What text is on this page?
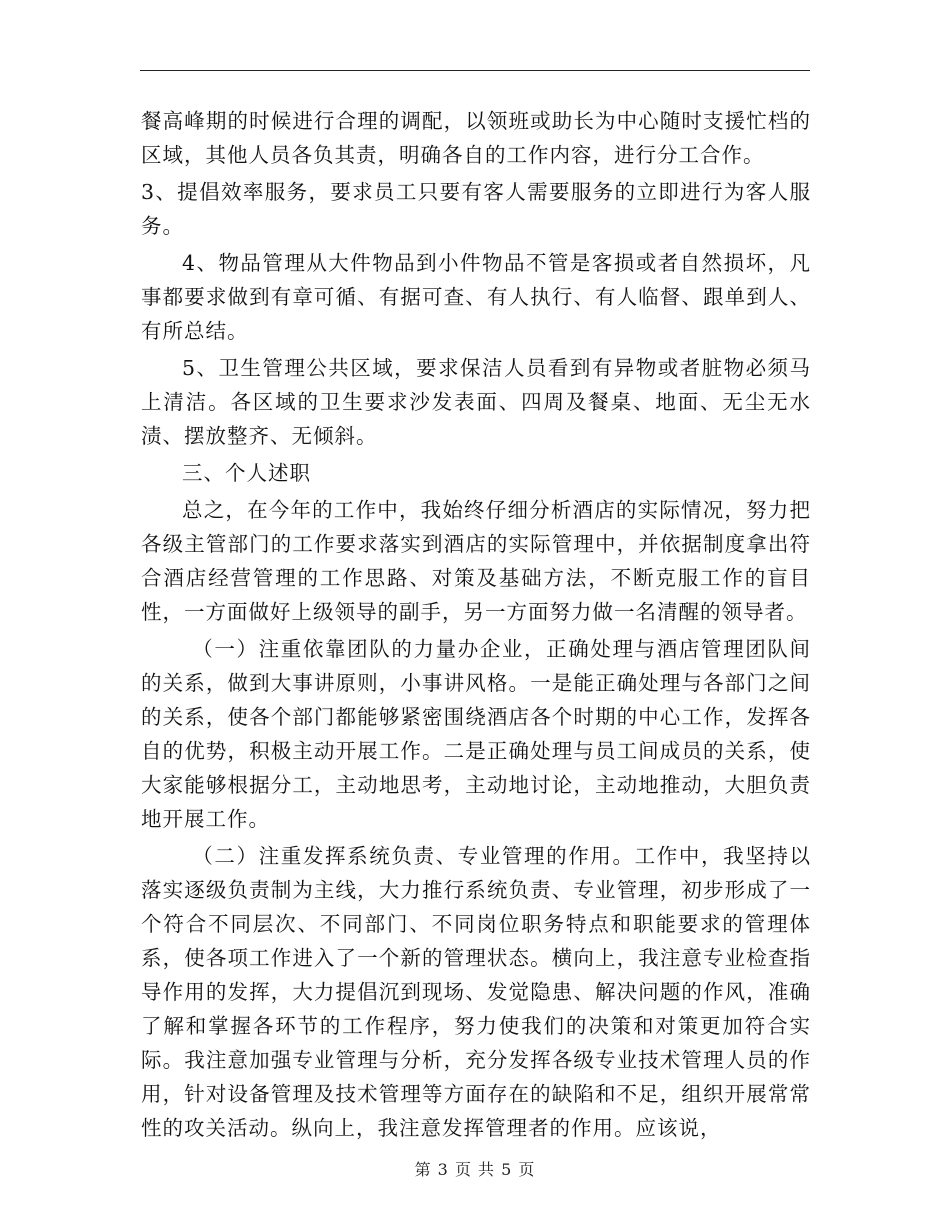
餐高峰期的时候进行合理的调配，以领班或助长为中心随时支援忙档的区域，其他人员各负其责，明确各自的工作内容，进行分工合作。

3、提倡效率服务，要求员工只要有客人需要服务的立即进行为客人服务。

4、物品管理从大件物品到小件物品不管是客损或者自然损坏，凡事都要求做到有章可循、有据可查、有人执行、有人临督、跟单到人、有所总结。

5、卫生管理公共区域，要求保洁人员看到有异物或者脏物必须马上清洁。各区域的卫生要求沙发表面、四周及餐桌、地面、无尘无水渍、摆放整齐、无倾斜。

三、个人述职

总之，在今年的工作中，我始终仔细分析酒店的实际情况，努力把各级主管部门的工作要求落实到酒店的实际管理中，并依据制度拿出符合酒店经营管理的工作思路、对策及基础方法，不断克服工作的盲目性，一方面做好上级领导的副手，另一方面努力做一名清醒的领导者。

（一）注重依靠团队的力量办企业，正确处理与酒店管理团队间的关系，做到大事讲原则，小事讲风格。一是能正确处理与各部门之间的关系，使各个部门都能够紧密围绕酒店各个时期的中心工作，发挥各自的优势，积极主动开展工作。二是正确处理与员工间成员的关系，使大家能够根据分工，主动地思考，主动地讨论，主动地推动，大胆负责地开展工作。

（二）注重发挥系统负责、专业管理的作用。工作中，我坚持以落实逐级负责制为主线，大力推行系统负责、专业管理，初步形成了一个符合不同层次、不同部门、不同岗位职务特点和职能要求的管理体系，使各项工作进入了一个新的管理状态。横向上，我注意专业检查指导作用的发挥，大力提倡沉到现场、发觉隐患、解决问题的作风，准确了解和掌握各环节的工作程序，努力使我们的决策和对策更加符合实际。我注意加强专业管理与分析，充分发挥各级专业技术管理人员的作用，针对设备管理及技术管理等方面存在的缺陷和不足，组织开展常常性的攻关活动。纵向上，我注意发挥管理者的作用。应该说，

第 3 页 共 5 页
